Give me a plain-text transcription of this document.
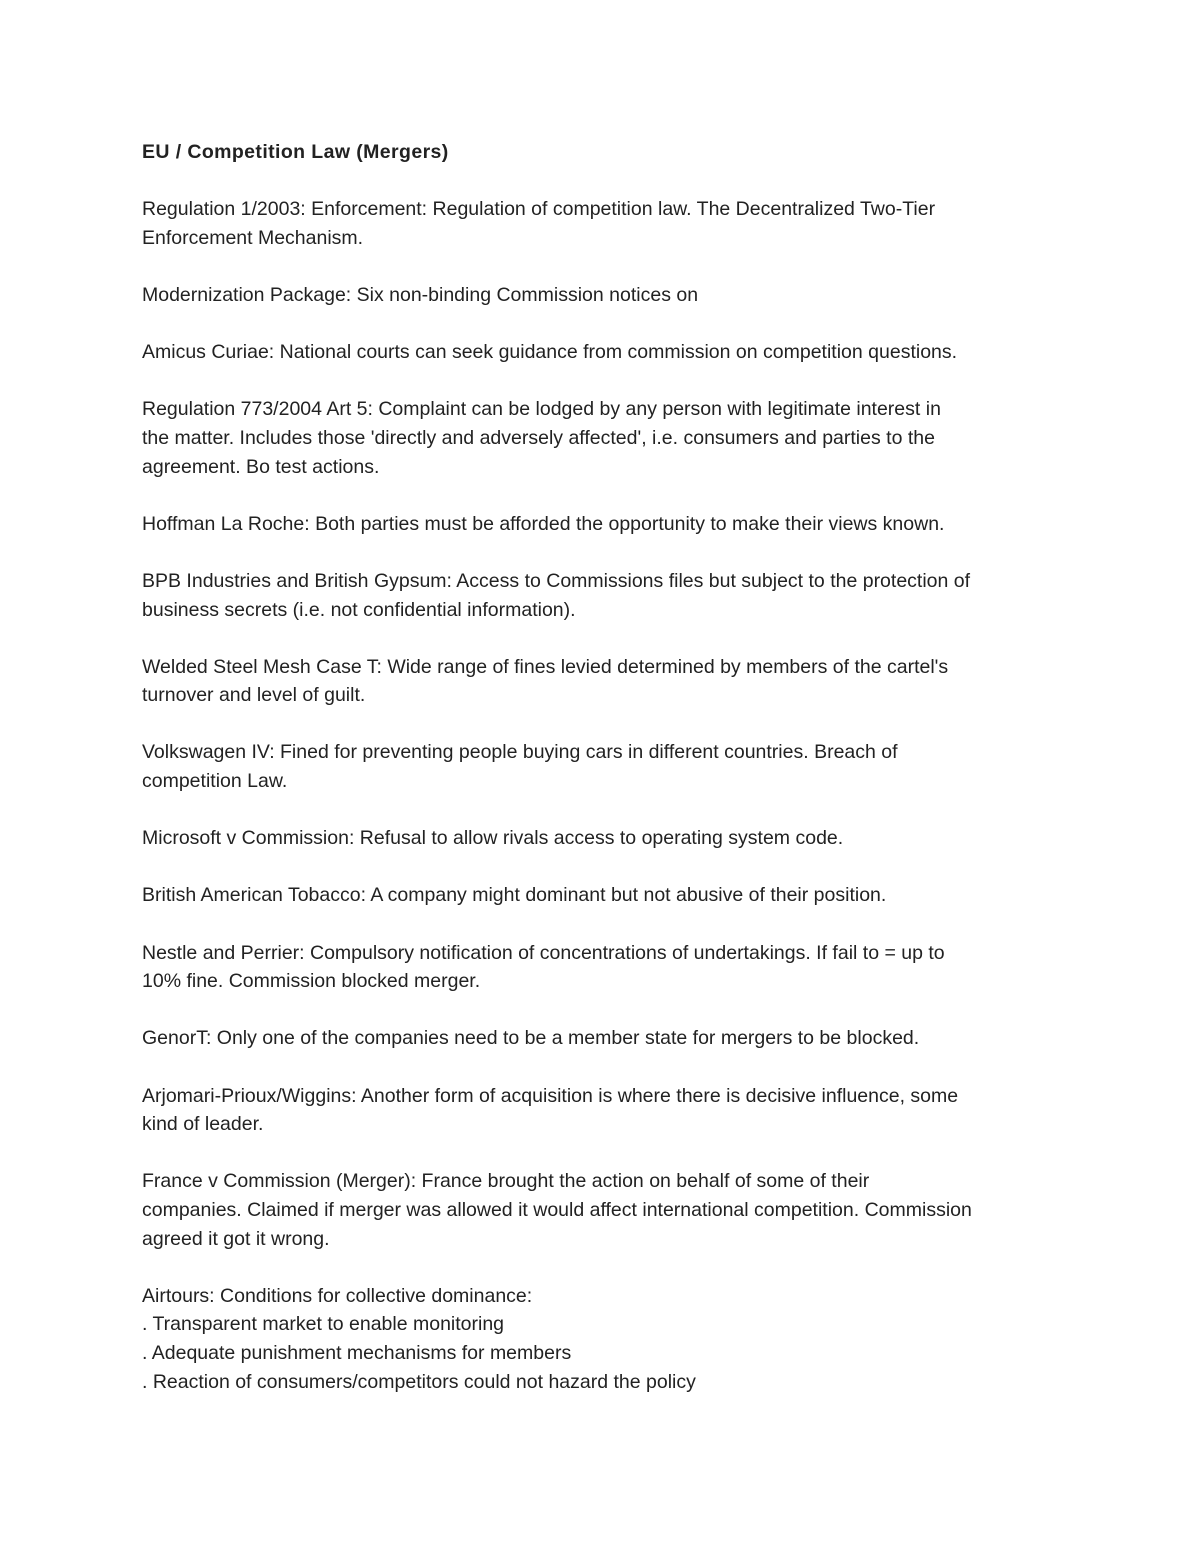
EU / Competition Law (Mergers)
Regulation 1/2003: Enforcement: Regulation of competition law. The Decentralized Two-Tier
Enforcement Mechanism.
Modernization Package: Six non-binding Commission notices on
Amicus Curiae: National courts can seek guidance from commission on competition questions.
Regulation 773/2004 Art 5: Complaint can be lodged by any person with legitimate interest in
the matter. Includes those 'directly and adversely affected', i.e. consumers and parties to the
agreement. Bo test actions.
Hoffman La Roche: Both parties must be afforded the opportunity to make their views known.
BPB Industries and British Gypsum: Access to Commissions files but subject to the protection of
business secrets (i.e. not confidential information).
Welded Steel Mesh Case T: Wide range of fines levied determined by members of the cartel's
turnover and level of guilt.
Volkswagen IV: Fined for preventing people buying cars in different countries. Breach of
competition Law.
Microsoft v Commission: Refusal to allow rivals access to operating system code.
British American Tobacco: A company might dominant but not abusive of their position.
Nestle and Perrier: Compulsory notification of concentrations of undertakings. If fail to = up to
10% fine. Commission blocked merger.
GenorT: Only one of the companies need to be a member state for mergers to be blocked.
Arjomari-Prioux/Wiggins: Another form of acquisition is where there is decisive influence, some
kind of leader.
France v Commission (Merger): France brought the action on behalf of some of their
companies. Claimed if merger was allowed it would affect international competition. Commission
agreed it got it wrong.
Airtours: Conditions for collective dominance:
. Transparent market to enable monitoring
. Adequate punishment mechanisms for members
. Reaction of consumers/competitors could not hazard the policy
